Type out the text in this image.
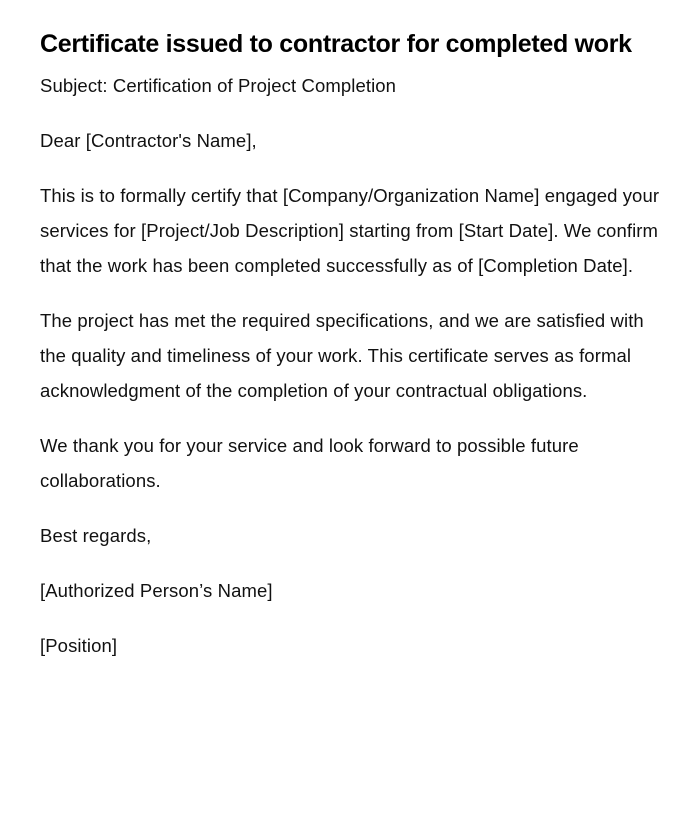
Certificate issued to contractor for completed work

Subject: Certification of Project Completion

Dear [Contractor's Name],

This is to formally certify that [Company/Organization Name] engaged your services for [Project/Job Description] starting from [Start Date]. We confirm that the work has been completed successfully as of [Completion Date].

The project has met the required specifications, and we are satisfied with the quality and timeliness of your work. This certificate serves as formal acknowledgment of the completion of your contractual obligations.

We thank you for your service and look forward to possible future collaborations.

Best regards,

[Authorized Person’s Name]

[Position]
